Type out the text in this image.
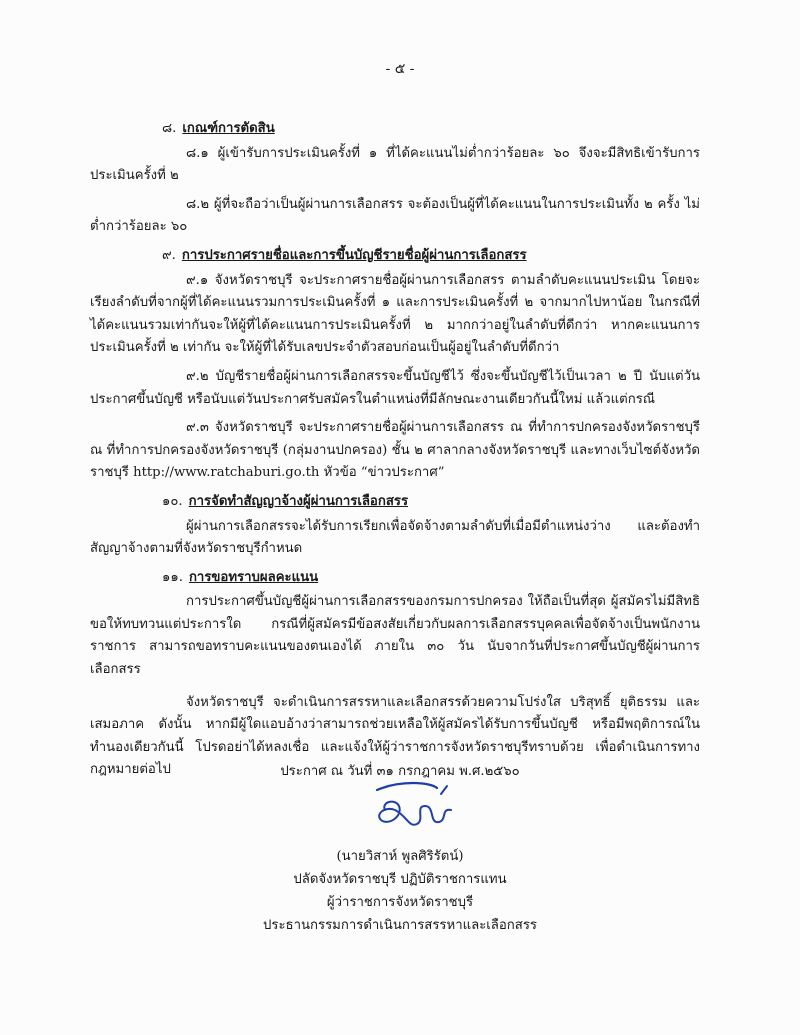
- ๕ -
๘. เกณฑ์การตัดสิน

๘.๑ ผู้เข้ารับการประเมินครั้งที่ ๑ ที่ได้คะแนนไม่ต่ำกว่าร้อยละ ๖๐ จึงจะมีสิทธิเข้ารับการประเมินครั้งที่ ๒

๘.๒ ผู้ที่จะถือว่าเป็นผู้ผ่านการเลือกสรร จะต้องเป็นผู้ที่ได้คะแนนในการประเมินทั้ง ๒ ครั้ง ไม่ต่ำกว่าร้อยละ ๖๐

๙. การประกาศรายชื่อและการขึ้นบัญชีรายชื่อผู้ผ่านการเลือกสรร

๙.๑ จังหวัดราชบุรี จะประกาศรายชื่อผู้ผ่านการเลือกสรร ตามลำดับคะแนนประเมิน โดยจะเรียงลำดับที่จากผู้ที่ได้คะแนนรวมการประเมินครั้งที่ ๑ และการประเมินครั้งที่ ๒ จากมากไปหาน้อย ในกรณีที่ได้คะแนนรวมเท่ากันจะให้ผู้ที่ได้คะแนนการประเมินครั้งที่ ๒ มากกว่าอยู่ในลำดับที่ดีกว่า หากคะแนนการประเมินครั้งที่ ๒ เท่ากัน จะให้ผู้ที่ได้รับเลขประจำตัวสอบก่อนเป็นผู้อยู่ในลำดับที่ดีกว่า

๙.๒ บัญชีรายชื่อผู้ผ่านการเลือกสรรจะขึ้นบัญชีไว้ ซึ่งจะขึ้นบัญชีไว้เป็นเวลา ๒ ปี นับแต่วันประกาศขึ้นบัญชี หรือนับแต่วันประกาศรับสมัครในตำแหน่งที่มีลักษณะงานเดียวกันนี้ใหม่ แล้วแต่กรณี

๙.๓ จังหวัดราชบุรี จะประกาศรายชื่อผู้ผ่านการเลือกสรร ณ ที่ทำการปกครองจังหวัดราชบุรี ณ ที่ทำการปกครองจังหวัดราชบุรี (กลุ่มงานปกครอง) ชั้น ๒ ศาลากลางจังหวัดราชบุรี และทางเว็บไซต์จังหวัดราชบุรี http://www.ratchaburi.go.th หัวข้อ “ข่าวประกาศ”

๑๐. การจัดทำสัญญาจ้างผู้ผ่านการเลือกสรร

ผู้ผ่านการเลือกสรรจะได้รับการเรียกเพื่อจัดจ้างตามลำดับที่เมื่อมีตำแหน่งว่าง และต้องทำสัญญาจ้างตามที่จังหวัดราชบุรีกำหนด

๑๑. การขอทราบผลคะแนน

การประกาศขึ้นบัญชีผู้ผ่านการเลือกสรรของกรมการปกครอง ให้ถือเป็นที่สุด ผู้สมัครไม่มีสิทธิขอให้ทบทวนแต่ประการใด กรณีที่ผู้สมัครมีข้อสงสัยเกี่ยวกับผลการเลือกสรรบุคคลเพื่อจัดจ้างเป็นพนักงานราชการ สามารถขอทราบคะแนนของตนเองได้ ภายใน ๓๐ วัน นับจากวันที่ประกาศขึ้นบัญชีผู้ผ่านการเลือกสรร

จังหวัดราชบุรี จะดำเนินการสรรหาและเลือกสรรด้วยความโปร่งใส บริสุทธิ์ ยุติธรรม และเสมอภาค ดังนั้น หากมีผู้ใดแอบอ้างว่าสามารถช่วยเหลือให้ผู้สมัครได้รับการขึ้นบัญชี หรือมีพฤติการณ์ในทำนองเดียวกันนี้ โปรดอย่าได้หลงเชื่อ และแจ้งให้ผู้ว่าราชการจังหวัดราชบุรีทราบด้วย เพื่อดำเนินการทางกฎหมายต่อไป	ประกาศ ณ วันที่ ๓๑ กรกฎาคม พ.ศ.๒๕๖๐
(นายวิสาห์ พูลศิริรัตน์)
ปลัดจังหวัดราชบุรี ปฏิบัติราชการแทน
ผู้ว่าราชการจังหวัดราชบุรี
ประธานกรรมการดำเนินการสรรหาและเลือกสรร
